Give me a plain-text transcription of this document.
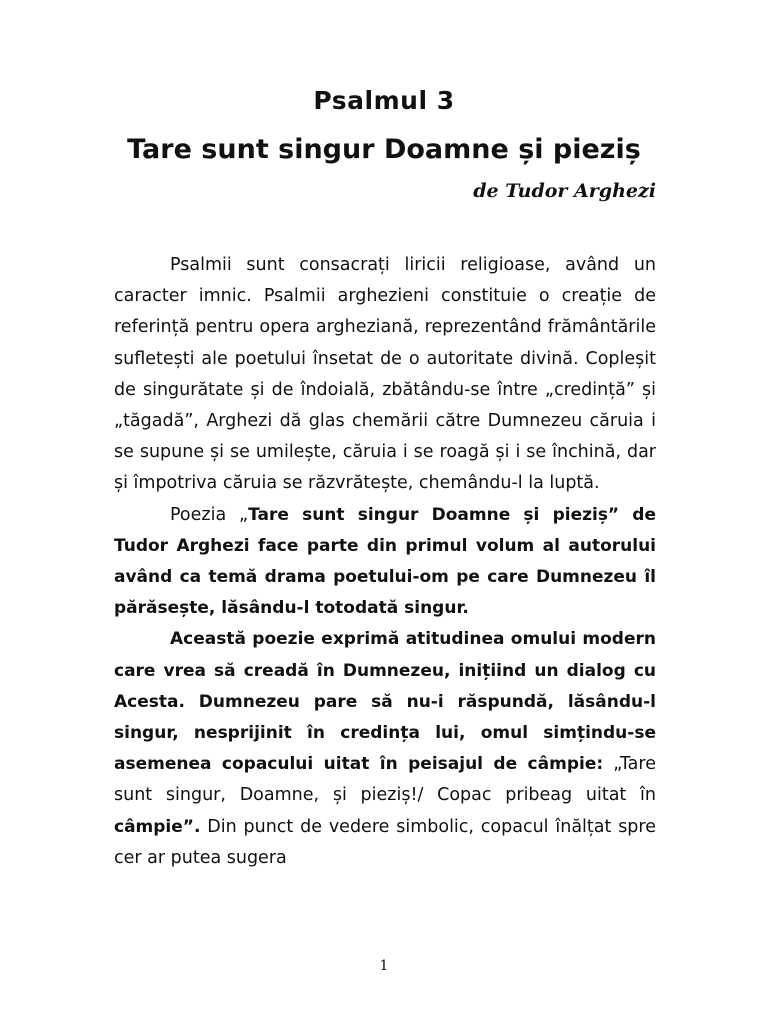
Psalmul 3
Tare sunt singur Doamne și pieziș
de Tudor Arghezi

Psalmii sunt consacrați liricii religioase, având un caracter imnic. Psalmii arghezieni constituie o creație de referință pentru opera argheziană, reprezentând frământările sufletești ale poetului însetat de o autoritate divină. Copleșit de singurătate și de îndoială, zbătându-se între „credință” și „tăgadă”, Arghezi dă glas chemării către Dumnezeu căruia i se supune și se umilește, căruia i se roagă și i se închină, dar și împotriva căruia se răzvrătește, chemându-l la luptă.

Poezia „Tare sunt singur Doamne și pieziș” de Tudor Arghezi face parte din primul volum al autorului având ca temă drama poetului-om pe care Dumnezeu îl părăsește, lăsându-l totodată singur.

Această poezie exprimă atitudinea omului modern care vrea să creadă în Dumnezeu, inițiind un dialog cu Acesta. Dumnezeu pare să nu-i răspundă, lăsându-l singur, nesprijinit în credința lui, omul simțindu-se asemenea copacului uitat în peisajul de câmpie: „Tare sunt singur, Doamne, și pieziș!/ Copac pribeag uitat în câmpie”. Din punct de vedere simbolic, copacul înălțat spre cer ar putea sugera

1
